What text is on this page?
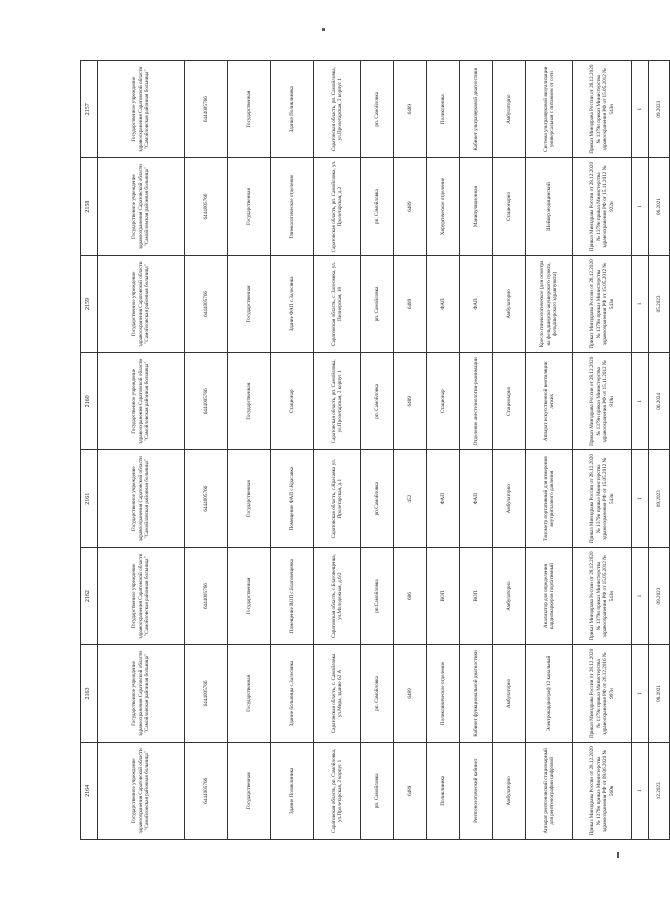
2164	2163	2162	2161	2160	2159	2158	2157
Государственное учреждение здравоохранения Саратовской области "Самойловская районная больница"	Государственное учреждение здравоохранения Саратовской области "Самойловская районная больница"	Государственное учреждение здравоохранения Саратовской области "Самойловская районная больница"	Государственное учреждение здравоохранения Саратовской области "Самойловская районная больница"	Государственное учреждение здравоохранения Саратовской области "Самойловская районная больница"	Государственное учреждение здравоохранения Саратовской области "Самойловская районная больница"	Государственное учреждение здравоохранения Саратовской области "Самойловская районная больница"	Государственное учреждение здравоохранения Саратовской области "Самойловская районная больница"
6444005766	6444005766	6444005766	6444005766	6444005766	6444005766	6444005766	6444005766
Государственная	Государственная	Государственная	Государственная	Государственная	Государственная	Государственная	Государственная
Здание Поликлиника	Здание больницы с.Залесянка	Помещение ВОП с.Благовещенка	Помещение ФАП с.Красавка	Стационар	Здание ФАП с.Залесянка	Гинекологическое отделение	Здание Поликлиника
Саратовская область, рп. Самойловка, ул.Пролетарская, 2 корпус 1	Саратовская область, с. Самойловка ул.Мира, здание 62 А	Саратовская область, с.Благовещенка, ул.Молодежная, д.6/2	Саратовская область, с.Красавка ул. Пролетарская, д.1	Саратовская область, рп. Самойловка, ул.Пролетарская, 2 корпус 1	Саратовская область, с. Залесянка, ул. Пионерская, 18	Саратовская область, рп. Самойловка, ул. Пролетарская, д.2	Саратовская область, рп. Самойловка, ул.Пролетарская, 2 корпус 1
рп. Самойловка	рп. Самойловка	рп.Самойловка	рп.Самойловка	рп. Самойловка	рп. Самойловка	рп. Самойловка	рп. Самойловка
6489	6489	686	452	6489	6489	6489	6489
Поликлиника	Поликлиническое отделение	ВОП	ФАП	Стационар	ФАП	Хирургическое отделение	Поликлиника
Рентгенологический кабинет	Кабинет функциональной диагностики	ВОП	ФАП	Отделение анестезиологии-реанимации	ФАП	Манипуляционная	Кабинет ультразвуковой диагностики
Амбулаторно	Амбулаторно	Амбулаторно	Амбулаторно	Стационарно	Амбулаторно	Стационарно	Амбулаторно
Аппарат рентгеновский стационарный для рентгенографии цифровой	Электрокардиограф 12 канальный	Анализатор для определения кардиомаркеров портативный	Тонометр портативный для измерения внутриглазного давления	Аппарат искусственной вентиляции легких	Кресло гинекологическое (для осмотра на фельдшерско-акушерского пункта, фельдшерского здравпункта)	Шейвер медицинский	Система ультразвуковой визуализации универсальная с питанием от сети
Приказ Минздрава России от 28.12.2020 № 1379н приказ Министерства здравоохранения РФ от 09.06.2020 № 560н	Приказ Минздрава России от 28.12.2020 № 1379н приказ Министерства здравоохранения РФ от 26.12.2016 № 997н	Приказ Минздрава России от 28.12.2020 № 1379н приказ Министерства здравоохранения РФ от 15.05.2012 № 543н	Приказ Минздрава России от 28.12.2020 № 1379н приказ Министерства здравоохранения РФ от 15.05.2012 № 543н	Приказ Минздрава России от 28.12.2020 № 1379н приказ Министерства здравоохранения РФ от 15.11.2012 № 919н	Приказ Минздрава России от 28.12.2020 № 1379н приказ Министерства здравоохранения РФ от 15.05.2012 № 543н	Приказ Минздрава России от 28.12.2020 № 1379н приказ Министерства здравоохранения РФ от 15.11.2012 № 922н	Приказ Минздрава России от 28.12.2020 № 1379н приказ Министерства здравоохранения РФ от 15.05.2012 № 543н
1	1	1	1	1	1	1	1
12.2023	08.2021	09.2023	09.2023	06.2024	05.2023	06.2021	09.2023
